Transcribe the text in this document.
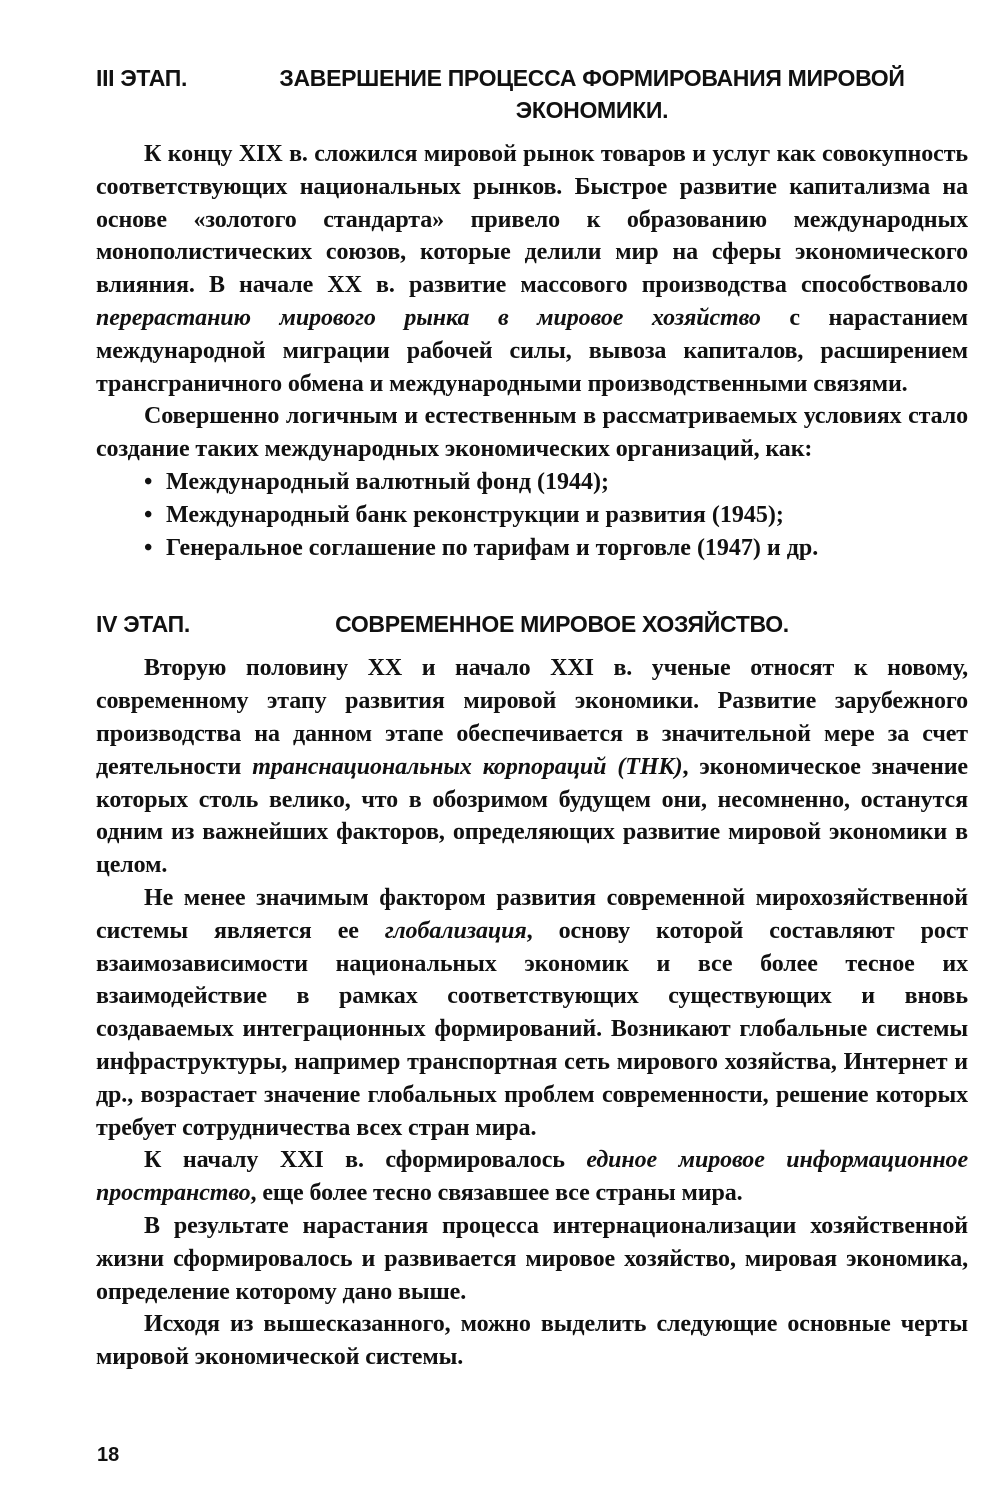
III ЭТАП.	ЗАВЕРШЕНИЕ ПРОЦЕССА ФОРМИРОВАНИЯ МИРОВОЙ ЭКОНОМИКИ.

К концу XIX в. сложился мировой рынок товаров и услуг как совокупность соответствующих национальных рынков. Быстрое развитие капитализма на основе «золотого стандарта» привело к образованию международных монополистических союзов, которые делили мир на сферы экономического влияния. В начале XX в. развитие массового производства способствовало перерастанию мирового рынка в мировое хозяйство с нарастанием международной миграции рабочей силы, вывоза капиталов, расширением трансграничного обмена и международными производственными связями.

Совершенно логичным и естественным в рассматриваемых условиях стало создание таких международных экономических организаций, как:

• Международный валютный фонд (1944);
• Международный банк реконструкции и развития (1945);
• Генеральное соглашение по тарифам и торговле (1947) и др.
IV ЭТАП.	СОВРЕМЕННОЕ МИРОВОЕ ХОЗЯЙСТВО.

Вторую половину XX и начало XXI в. ученые относят к новому, современному этапу развития мировой экономики. Развитие зарубежного производства на данном этапе обеспечивается в значительной мере за счет деятельности транснациональных корпораций (ТНК), экономическое значение которых столь велико, что в обозримом будущем они, несомненно, останутся одним из важнейших факторов, определяющих развитие мировой экономики в целом.

Не менее значимым фактором развития современной мирохозяйственной системы является ее глобализация, основу которой составляют рост взаимозависимости национальных экономик и все более тесное их взаимодействие в рамках соответствующих существующих и вновь создаваемых интеграционных формирований. Возникают глобальные системы инфраструктуры, например транспортная сеть мирового хозяйства, Интернет и др., возрастает значение глобальных проблем современности, решение которых требует сотрудничества всех стран мира.

К началу XXI в. сформировалось единое мировое информационное пространство, еще более тесно связавшее все страны мира.

В результате нарастания процесса интернационализации хозяйственной жизни сформировалось и развивается мировое хозяйство, мировая экономика, определение которому дано выше.

Исходя из вышесказанного, можно выделить следующие основные черты мировой экономической системы.

18
